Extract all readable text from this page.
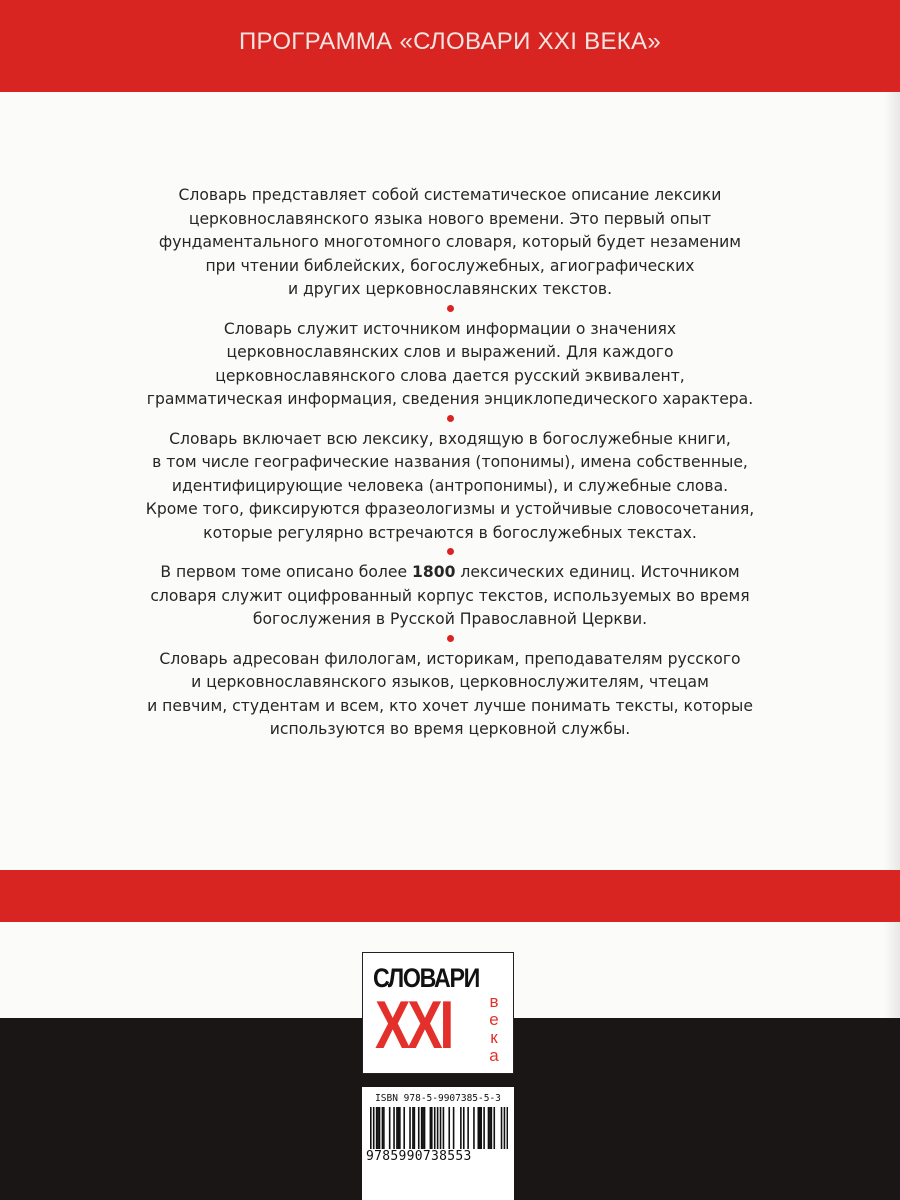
ПРОГРАММА «СЛОВАРИ XXI ВЕКА»

Словарь представляет собой систематическое описание лексики
церковнославянского языка нового времени. Это первый опыт
фундаментального многотомного словаря, который будет незаменим
при чтении библейских, богослужебных, агиографических
и других церковнославянских текстов.

Словарь служит источником информации о значениях
церковнославянских слов и выражений. Для каждого
церковнославянского слова дается русский эквивалент,
грамматическая информация, сведения энциклопедического характера.

Словарь включает всю лексику, входящую в богослужебные книги,
в том числе географические названия (топонимы), имена собственные,
идентифицирующие человека (антропонимы), и служебные слова.
Кроме того, фиксируются фразеологизмы и устойчивые словосочетания,
которые регулярно встречаются в богослужебных текстах.

В первом томе описано более 1800 лексических единиц. Источником
словаря служит оцифрованный корпус текстов, используемых во время
богослужения в Русской Православной Церкви.

Словарь адресован филологам, историкам, преподавателям русского
и церковнославянского языков, церковнослужителям, чтецам
и певчим, студентам и всем, кто хочет лучше понимать тексты, которые
используются во время церковной службы.

СЛОВАРИ
XXI в
е
к
а
ISBN 978-5-9907385-5-3
9785990738553
